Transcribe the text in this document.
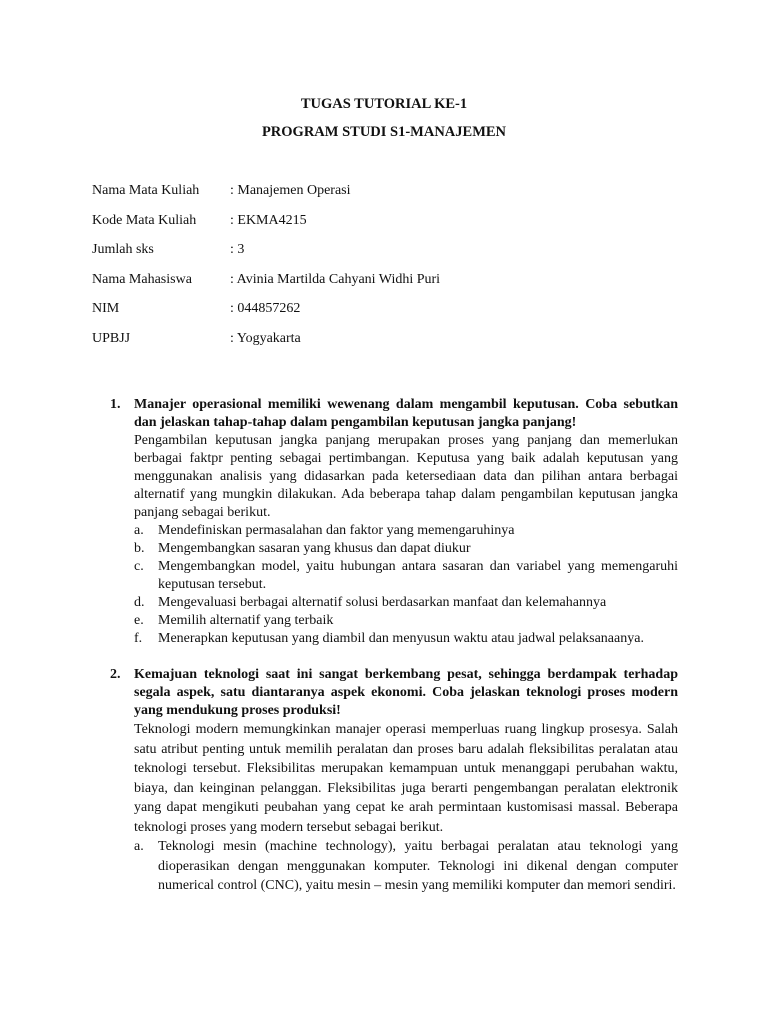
TUGAS TUTORIAL KE-1
PROGRAM STUDI S1-MANAJEMEN
Nama Mata Kuliah	: Manajemen Operasi
Kode Mata Kuliah	: EKMA4215
Jumlah sks	: 3
Nama Mahasiswa	: Avinia Martilda Cahyani Widhi Puri
NIM	: 044857262
UPBJJ	: Yogyakarta
1. Manajer operasional memiliki wewenang dalam mengambil keputusan. Coba sebutkan dan jelaskan tahap-tahap dalam pengambilan keputusan jangka panjang!

Pengambilan keputusan jangka panjang merupakan proses yang panjang dan memerlukan berbagai faktpr penting sebagai pertimbangan. Keputusa yang baik adalah keputusan yang menggunakan analisis yang didasarkan pada ketersediaan data dan pilihan antara berbagai alternatif yang mungkin dilakukan. Ada beberapa tahap dalam pengambilan keputusan jangka panjang sebagai berikut.

a. Mendefiniskan permasalahan dan faktor yang memengaruhinya
b. Mengembangkan sasaran yang khusus dan dapat diukur
c. Mengembangkan model, yaitu hubungan antara sasaran dan variabel yang memengaruhi keputusan tersebut.
d. Mengevaluasi berbagai alternatif solusi berdasarkan manfaat dan kelemahannya
e. Memilih alternatif yang terbaik
f. Menerapkan keputusan yang diambil dan menyusun waktu atau jadwal pelaksanaanya.
2. Kemajuan teknologi saat ini sangat berkembang pesat, sehingga berdampak terhadap segala aspek, satu diantaranya aspek ekonomi. Coba jelaskan teknologi proses modern yang mendukung proses produksi!

Teknologi modern memungkinkan manajer operasi memperluas ruang lingkup prosesya. Salah satu atribut penting untuk memilih peralatan dan proses baru adalah fleksibilitas peralatan atau teknologi tersebut. Fleksibilitas merupakan kemampuan untuk menanggapi perubahan waktu, biaya, dan keinginan pelanggan. Fleksibilitas juga berarti pengembangan peralatan elektronik yang dapat mengikuti peubahan yang cepat ke arah permintaan kustomisasi massal. Beberapa teknologi proses yang modern tersebut sebagai berikut.

a. Teknologi mesin (machine technology), yaitu berbagai peralatan atau teknologi yang dioperasikan dengan menggunakan komputer. Teknologi ini dikenal dengan computer numerical control (CNC), yaitu mesin – mesin yang memiliki komputer dan memori sendiri.
